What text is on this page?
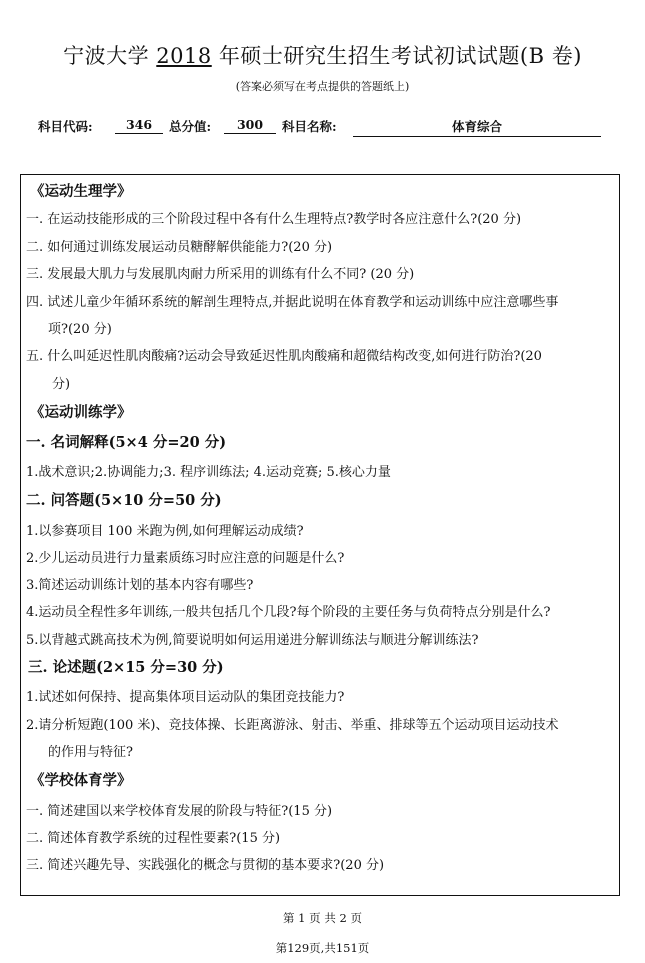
宁波大学 2018 年硕士研究生招生考试初试试题(B 卷)
(答案必须写在考点提供的答题纸上)
科目代码:	346	总分值:	300	科目名称:	体育综合
《运动生理学》
一. 在运动技能形成的三个阶段过程中各有什么生理特点?教学时各应注意什么?(20 分)
二. 如何通过训练发展运动员糖酵解供能能力?(20 分)
三. 发展最大肌力与发展肌肉耐力所采用的训练有什么不同? (20 分)
四. 试述儿童少年循环系统的解剖生理特点,并据此说明在体育教学和运动训练中应注意哪些事
项?(20 分)
五. 什么叫延迟性肌肉酸痛?运动会导致延迟性肌肉酸痛和超微结构改变,如何进行防治?(20
分)
《运动训练学》
一. 名词解释(5×4 分=20 分)
1.战术意识;2.协调能力;3. 程序训练法; 4.运动竞赛; 5.核心力量
二. 问答题(5×10 分=50 分)
1.以参赛项目 100 米跑为例,如何理解运动成绩?
2.少儿运动员进行力量素质练习时应注意的问题是什么?
3.简述运动训练计划的基本内容有哪些?
4.运动员全程性多年训练,一般共包括几个几段?每个阶段的主要任务与负荷特点分别是什么?
5.以背越式跳高技术为例,简要说明如何运用递进分解训练法与顺进分解训练法?
三. 论述题(2×15 分=30 分)
1.试述如何保持、提高集体项目运动队的集团竞技能力?
2.请分析短跑(100 米)、竞技体操、长距离游泳、射击、举重、排球等五个运动项目运动技术
的作用与特征?
《学校体育学》
一. 简述建国以来学校体育发展的阶段与特征?(15 分)
二. 简述体育教学系统的过程性要素?(15 分)
三. 简述兴趣先导、实践强化的概念与贯彻的基本要求?(20 分)
第 1 页 共 2 页
第129页,共151页
